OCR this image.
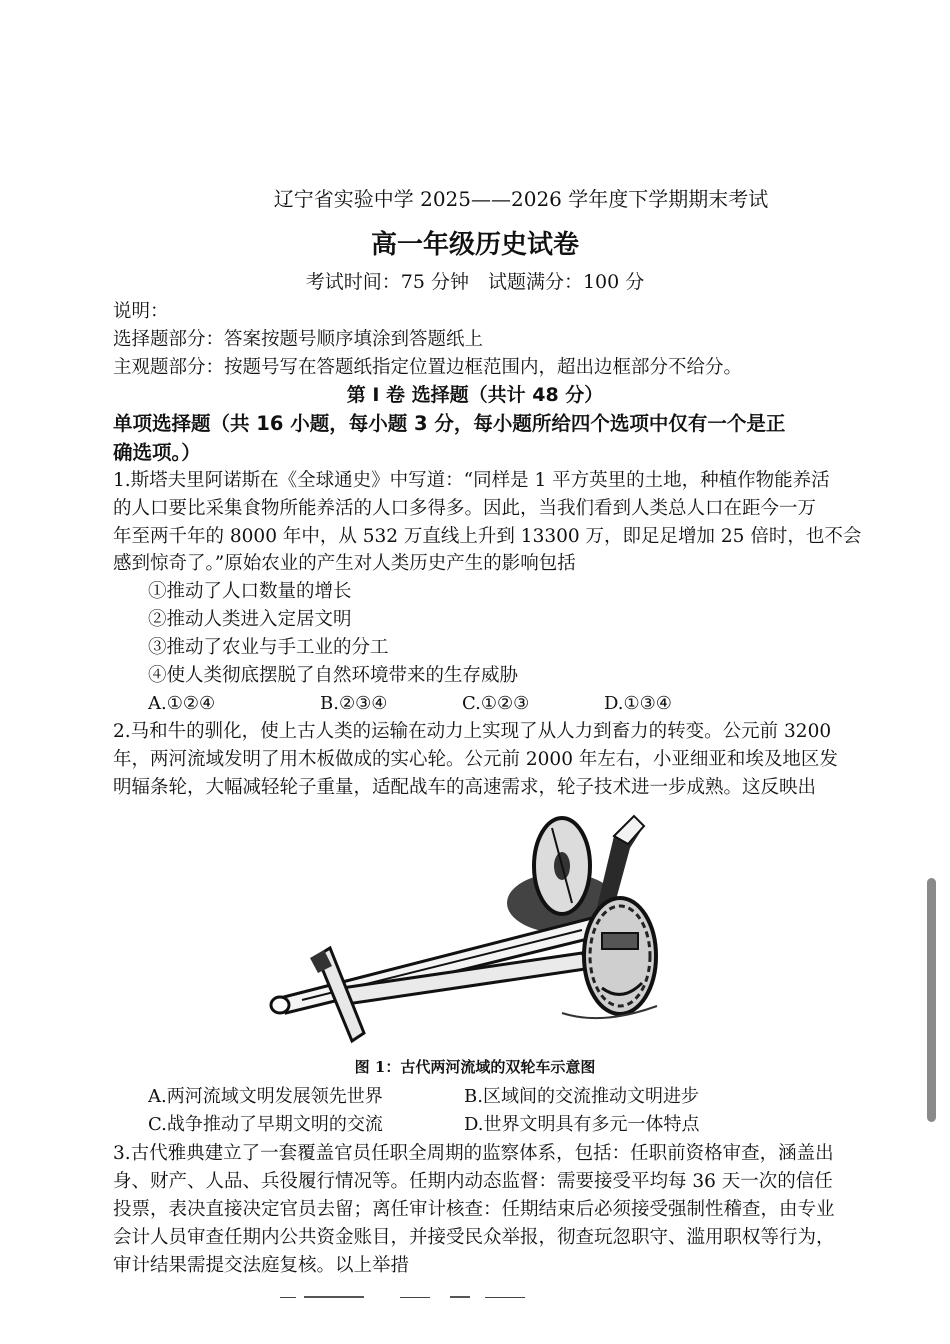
辽宁省实验中学 2025——2026 学年度下学期期末考试
高一年级历史试卷
考试时间：75 分钟　试题满分：100 分
说明：
选择题部分：答案按题号顺序填涂到答题纸上
主观题部分：按题号写在答题纸指定位置边框范围内，超出边框部分不给分。
第 Ⅰ 卷 选择题（共计 48 分）
单项选择题（共 16 小题，每小题 3 分，每小题所给四个选项中仅有一个是正
确选项。）
1.斯塔夫里阿诺斯在《全球通史》中写道：“同样是 1 平方英里的土地，种植作物能养活
的人口要比采集食物所能养活的人口多得多。因此，当我们看到人类总人口在距今一万
年至两千年的 8000 年中，从 532 万直线上升到 13300 万，即足足增加 25 倍时，也不会
感到惊奇了。”原始农业的产生对人类历史产生的影响包括
①推动了人口数量的增长
②推动人类进入定居文明
③推动了农业与手工业的分工
④使人类彻底摆脱了自然环境带来的生存威胁
A.①②④	B.②③④	C.①②③	D.①③④
2.马和牛的驯化，使上古人类的运输在动力上实现了从人力到畜力的转变。公元前 3200
年，两河流域发明了用木板做成的实心轮。公元前 2000 年左右，小亚细亚和埃及地区发
明辐条轮，大幅减轻轮子重量，适配战车的高速需求，轮子技术进一步成熟。这反映出
图 1：古代两河流域的双轮车示意图
A.两河流域文明发展领先世界	B.区域间的交流推动文明进步
C.战争推动了早期文明的交流	D.世界文明具有多元一体特点
3.古代雅典建立了一套覆盖官员任职全周期的监察体系，包括：任职前资格审查，涵盖出
身、财产、人品、兵役履行情况等。任期内动态监督：需要接受平均每 36 天一次的信任
投票，表决直接决定官员去留；离任审计核查：任期结束后必须接受强制性稽查，由专业
会计人员审查任期内公共资金账目，并接受民众举报，彻查玩忽职守、滥用职权等行为，
审计结果需提交法庭复核。以上举措
